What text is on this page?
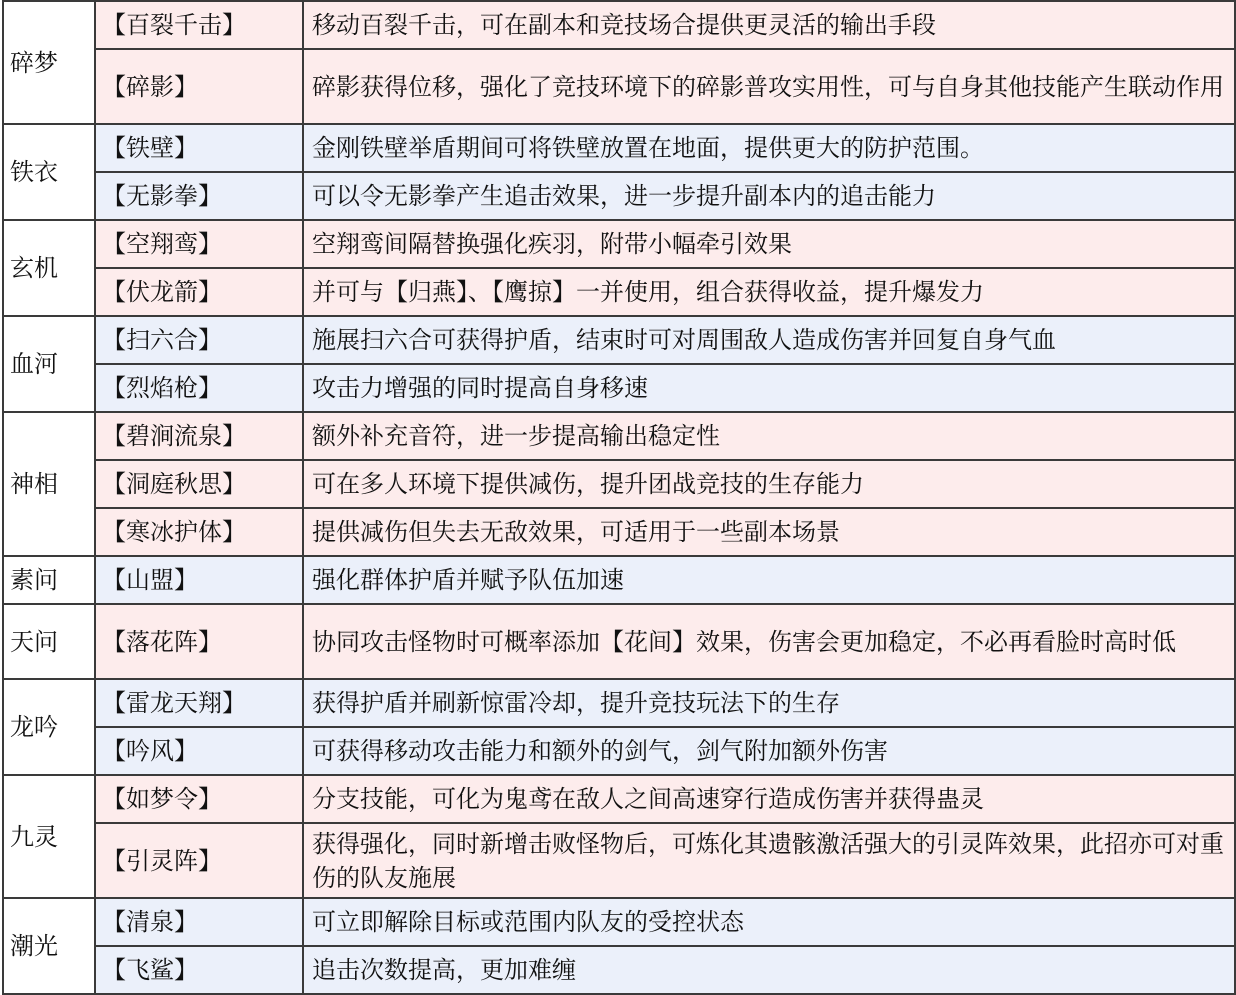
碎梦	【百裂千击】	移动百裂千击，可在副本和竞技场合提供更灵活的输出手段
	【碎影】	碎影获得位移，强化了竞技环境下的碎影普攻实用性，可与自身其他技能产生联动作用
铁衣	【铁壁】	金刚铁壁举盾期间可将铁壁放置在地面，提供更大的防护范围。
	【无影拳】	可以令无影拳产生追击效果，进一步提升副本内的追击能力
玄机	【空翔鸾】	空翔鸾间隔替换强化疾羽，附带小幅牵引效果
	【伏龙箭】	并可与【归燕】、【鹰掠】一并使用，组合获得收益，提升爆发力
血河	【扫六合】	施展扫六合可获得护盾，结束时可对周围敌人造成伤害并回复自身气血
	【烈焰枪】	攻击力增强的同时提高自身移速
神相	【碧涧流泉】	额外补充音符，进一步提高输出稳定性
	【洞庭秋思】	可在多人环境下提供减伤，提升团战竞技的生存能力
	【寒冰护体】	提供减伤但失去无敌效果，可适用于一些副本场景
素问	【山盟】	强化群体护盾并赋予队伍加速
天问	【落花阵】	协同攻击怪物时可概率添加【花间】效果，伤害会更加稳定，不必再看脸时高时低
龙吟	【雷龙天翔】	获得护盾并刷新惊雷冷却，提升竞技玩法下的生存
	【吟风】	可获得移动攻击能力和额外的剑气，剑气附加额外伤害
九灵	【如梦令】	分支技能，可化为鬼鸢在敌人之间高速穿行造成伤害并获得蛊灵
	【引灵阵】	获得强化，同时新增击败怪物后，可炼化其遗骸激活强大的引灵阵效果，此招亦可对重伤的队友施展
潮光	【清泉】	可立即解除目标或范围内队友的受控状态
	【飞鲨】	追击次数提高，更加难缠
